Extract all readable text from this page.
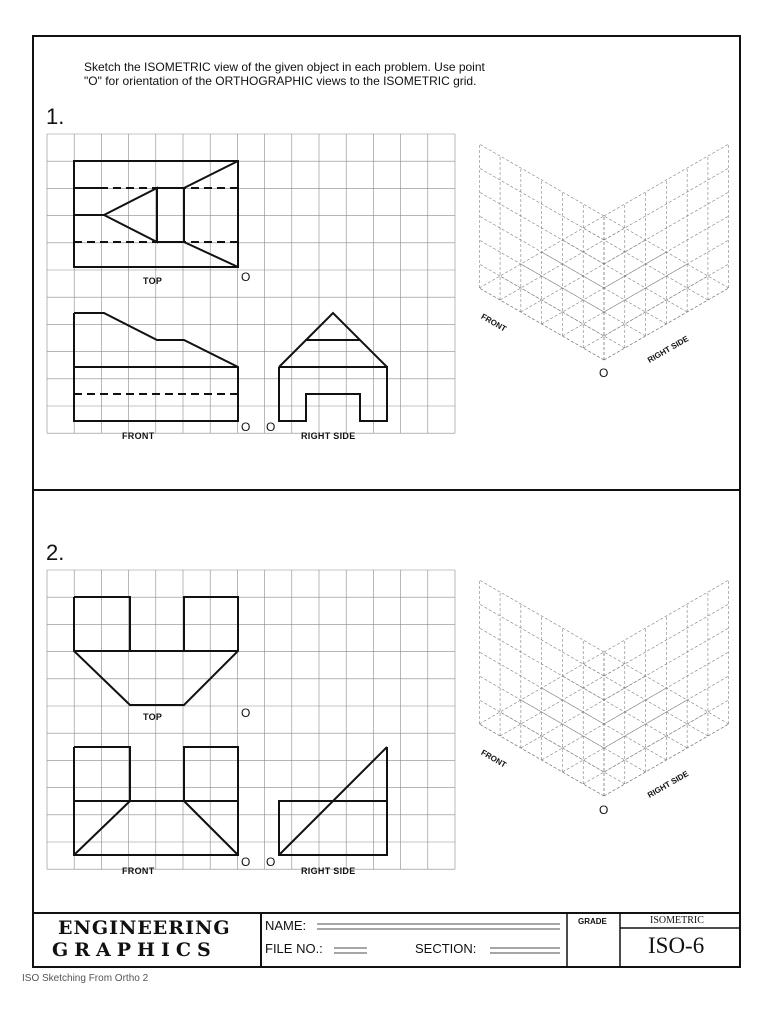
Sketch the ISOMETRIC view of the given object in each problem. Use point "O" for orientation of the ORTHOGRAPHIC views to the ISOMETRIC grid.

1.
TOP	O
FRONT
O O
RIGHT SIDE
FRONT
RIGHT SIDE
O
2.
TOP	O
FRONT
O O
RIGHT SIDE
FRONT
RIGHT SIDE
O
ENGINEERING
GRAPHICS
NAME:
FILE NO.:	SECTION:
GRADE	ISOMETRIC
ISO-6
ISO Sketching From Ortho 2
